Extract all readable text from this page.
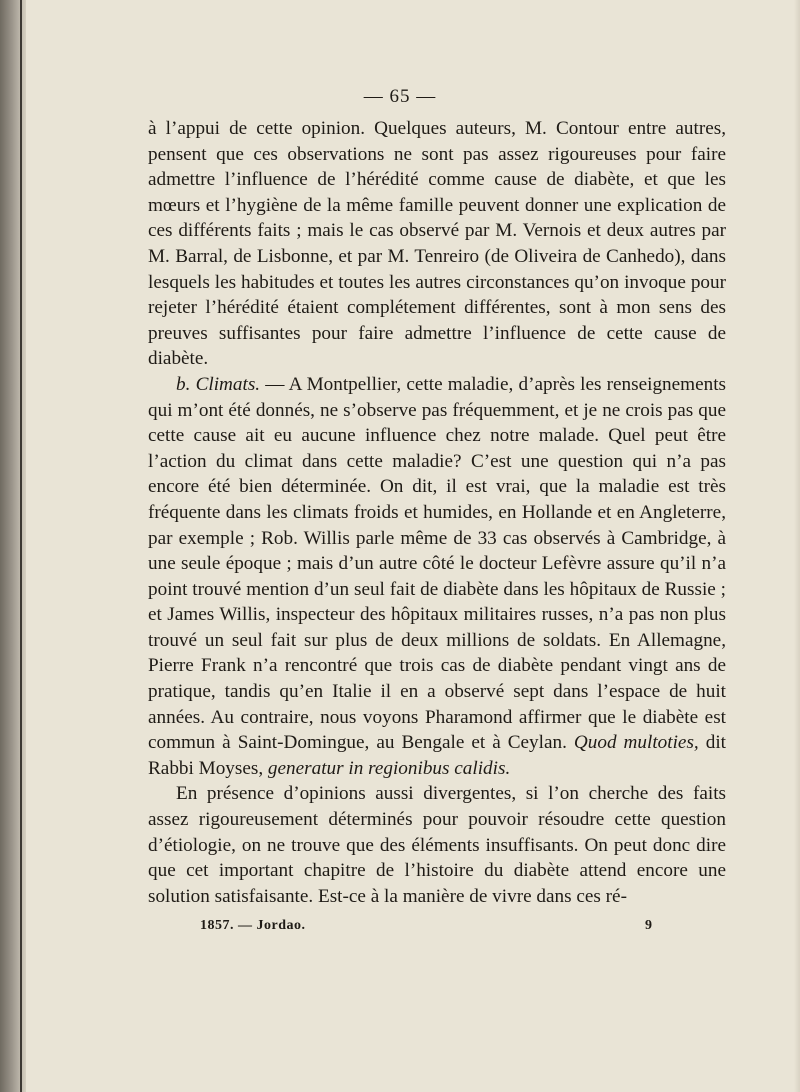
— 65 —

à l’appui de cette opinion. Quelques auteurs, M. Contour entre autres, pensent que ces observations ne sont pas assez rigoureuses pour faire admettre l’influence de l’hérédité comme cause de diabète, et que les mœurs et l’hygiène de la même famille peuvent donner une explication de ces différents faits ; mais le cas observé par M. Vernois et deux autres par M. Barral, de Lisbonne, et par M. Tenreiro (de Oliveira de Canhedo), dans lesquels les habitudes et toutes les autres circonstances qu’on invoque pour rejeter l’hérédité étaient complétement différentes, sont à mon sens des preuves suffisantes pour faire admettre l’influence de cette cause de diabète.

b. Climats. — A Montpellier, cette maladie, d’après les renseignements qui m’ont été donnés, ne s’observe pas fréquemment, et je ne crois pas que cette cause ait eu aucune influence chez notre malade. Quel peut être l’action du climat dans cette maladie? C’est une question qui n’a pas encore été bien déterminée. On dit, il est vrai, que la maladie est très fréquente dans les climats froids et humides, en Hollande et en Angleterre, par exemple ; Rob. Willis parle même de 33 cas observés à Cambridge, à une seule époque ; mais d’un autre côté le docteur Lefèvre assure qu’il n’a point trouvé mention d’un seul fait de diabète dans les hôpitaux de Russie ; et James Willis, inspecteur des hôpitaux militaires russes, n’a pas non plus trouvé un seul fait sur plus de deux millions de soldats. En Allemagne, Pierre Frank n’a rencontré que trois cas de diabète pendant vingt ans de pratique, tandis qu’en Italie il en a observé sept dans l’espace de huit années. Au contraire, nous voyons Pharamond affirmer que le diabète est commun à Saint-Domingue, au Bengale et à Ceylan. Quod multoties, dit Rabbi Moyses, generatur in regionibus calidis.

En présence d’opinions aussi divergentes, si l’on cherche des faits assez rigoureusement déterminés pour pouvoir résoudre cette question d’étiologie, on ne trouve que des éléments insuffisants. On peut donc dire que cet important chapitre de l’histoire du diabète attend encore une solution satisfaisante. Est-ce à la manière de vivre dans ces ré-

1857. — Jordao.	9
